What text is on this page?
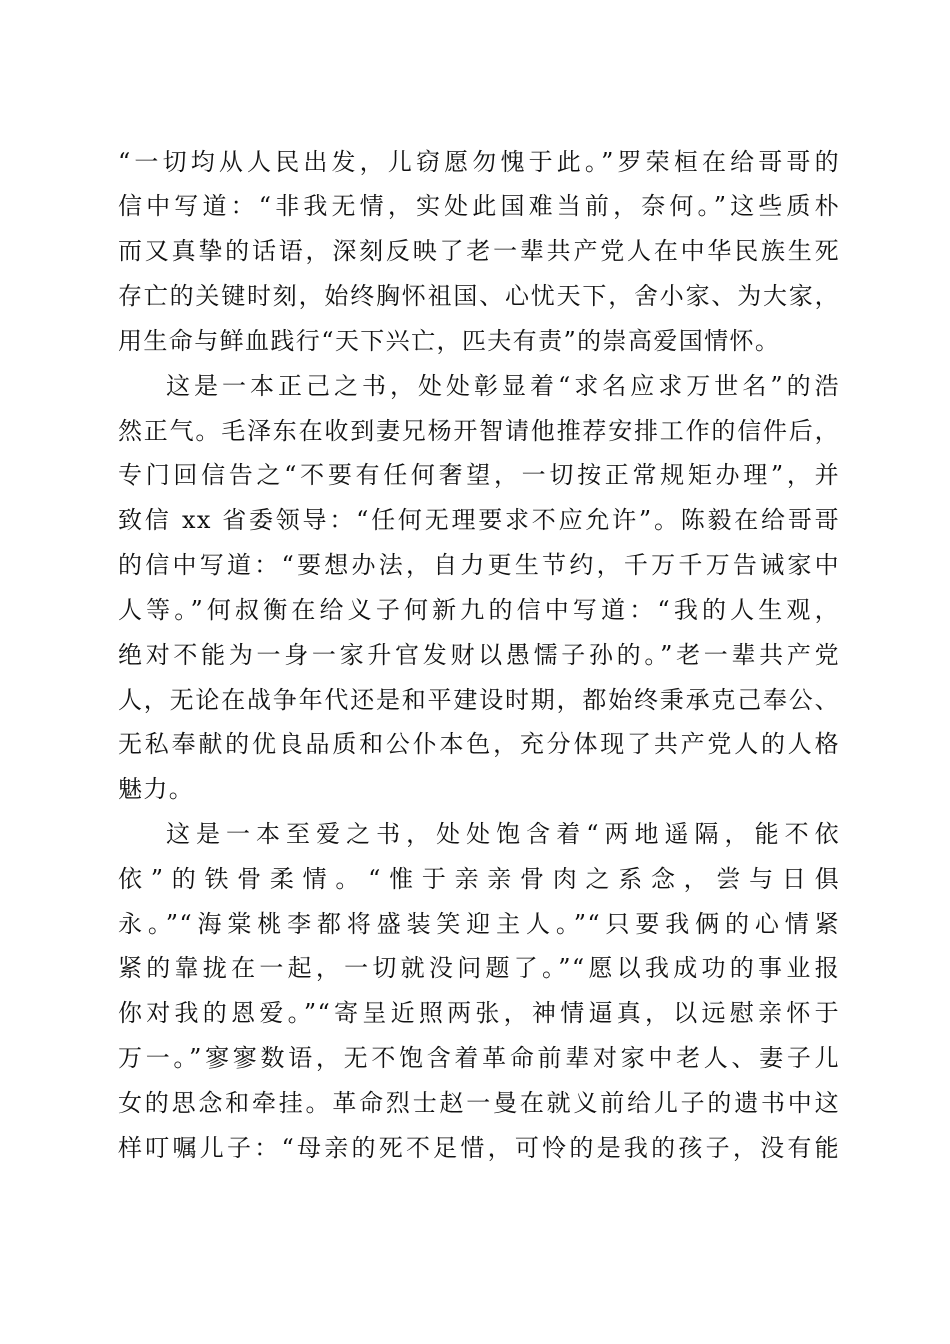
“一切均从人民出发，儿窃愿勿愧于此。”罗荣桓在给哥哥的
信中写道：“非我无情，实处此国难当前，奈何。”这些质朴
而又真挚的话语，深刻反映了老一辈共产党人在中华民族生死
存亡的关键时刻，始终胸怀祖国、心忧天下，舍小家、为大家，
用生命与鲜血践行“天下兴亡，匹夫有责”的崇高爱国情怀。
这是一本正己之书，处处彰显着“求名应求万世名”的浩
然正气。毛泽东在收到妻兄杨开智请他推荐安排工作的信件后，
专门回信告之“不要有任何奢望，一切按正常规矩办理”，并
致信 xx 省委领导：“任何无理要求不应允许”。陈毅在给哥哥
的信中写道：“要想办法，自力更生节约，千万千万告诫家中
人等。”何叔衡在给义子何新九的信中写道：“我的人生观，
绝对不能为一身一家升官发财以愚懦子孙的。”老一辈共产党
人，无论在战争年代还是和平建设时期，都始终秉承克己奉公、
无私奉献的优良品质和公仆本色，充分体现了共产党人的人格
魅力。
这是一本至爱之书，处处饱含着“两地遥隔，能不依
依”的铁骨柔情。“惟于亲亲骨肉之系念，尝与日俱
永。”“海棠桃李都将盛装笑迎主人。”“只要我俩的心情紧
紧的靠拢在一起，一切就没问题了。”“愿以我成功的事业报
你对我的恩爱。”“寄呈近照两张，神情逼真，以远慰亲怀于
万一。”寥寥数语，无不饱含着革命前辈对家中老人、妻子儿
女的思念和牵挂。革命烈士赵一曼在就义前给儿子的遗书中这
样叮嘱儿子：“母亲的死不足惜，可怜的是我的孩子，没有能
